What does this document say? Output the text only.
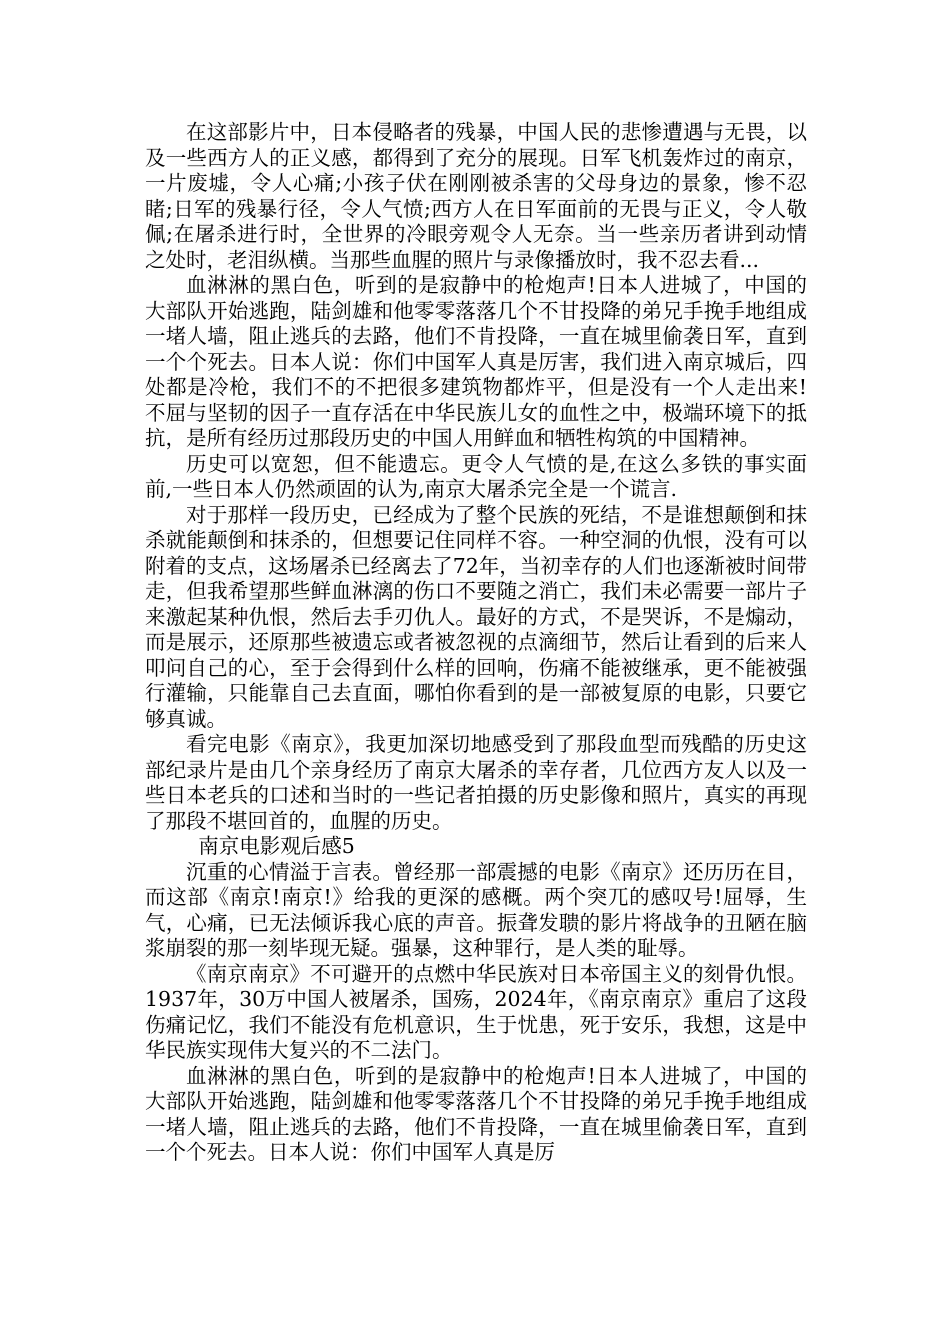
在这部影片中，日本侵略者的残暴，中国人民的悲惨遭遇与无畏，以及一些西方人的正义感，都得到了充分的展现。日军飞机轰炸过的南京，一片废墟，令人心痛;小孩子伏在刚刚被杀害的父母身边的景象，惨不忍睹;日军的残暴行径，令人气愤;西方人在日军面前的无畏与正义，令人敬佩;在屠杀进行时，全世界的冷眼旁观令人无奈。当一些亲历者讲到动情之处时，老泪纵横。当那些血腥的照片与录像播放时，我不忍去看...

血淋淋的黑白色，听到的是寂静中的枪炮声!日本人进城了，中国的大部队开始逃跑，陆剑雄和他零零落落几个不甘投降的弟兄手挽手地组成一堵人墙，阻止逃兵的去路，他们不肯投降，一直在城里偷袭日军，直到一个个死去。日本人说：你们中国军人真是厉害，我们进入南京城后，四处都是冷枪，我们不的不把很多建筑物都炸平，但是没有一个人走出来!不屈与坚韧的因子一直存活在中华民族儿女的血性之中，极端环境下的抵抗，是所有经历过那段历史的中国人用鲜血和牺牲构筑的中国精神。

历史可以宽恕，但不能遗忘。更令人气愤的是,在这么多铁的事实面前,一些日本人仍然顽固的认为,南京大屠杀完全是一个谎言.

对于那样一段历史，已经成为了整个民族的死结，不是谁想颠倒和抹杀就能颠倒和抹杀的，但想要记住同样不容。一种空洞的仇恨，没有可以附着的支点，这场屠杀已经离去了72年，当初幸存的人们也逐渐被时间带走，但我希望那些鲜血淋漓的伤口不要随之消亡，我们未必需要一部片子来激起某种仇恨，然后去手刃仇人。最好的方式，不是哭诉，不是煽动，而是展示，还原那些被遗忘或者被忽视的点滴细节，然后让看到的后来人叩问自己的心，至于会得到什么样的回响，伤痛不能被继承，更不能被强行灌输，只能靠自己去直面，哪怕你看到的是一部被复原的电影，只要它够真诚。

看完电影《南京》，我更加深切地感受到了那段血型而残酷的历史这部纪录片是由几个亲身经历了南京大屠杀的幸存者，几位西方友人以及一些日本老兵的口述和当时的一些记者拍摄的历史影像和照片，真实的再现了那段不堪回首的，血腥的历史。

南京电影观后感5

沉重的心情溢于言表。曾经那一部震撼的电影《南京》还历历在目，而这部《南京!南京!》给我的更深的感概。两个突兀的感叹号!屈辱，生气，心痛，已无法倾诉我心底的声音。振聋发聩的影片将战争的丑陋在脑浆崩裂的那一刻毕现无疑。强暴，这种罪行，是人类的耻辱。

《南京南京》不可避开的点燃中华民族对日本帝国主义的刻骨仇恨。1937年，30万中国人被屠杀，国殇，2024年，《南京南京》重启了这段伤痛记忆，我们不能没有危机意识，生于忧患，死于安乐，我想，这是中华民族实现伟大复兴的不二法门。

血淋淋的黑白色，听到的是寂静中的枪炮声!日本人进城了，中国的大部队开始逃跑，陆剑雄和他零零落落几个不甘投降的弟兄手挽手地组成一堵人墙，阻止逃兵的去路，他们不肯投降，一直在城里偷袭日军，直到一个个死去。日本人说：你们中国军人真是厉
